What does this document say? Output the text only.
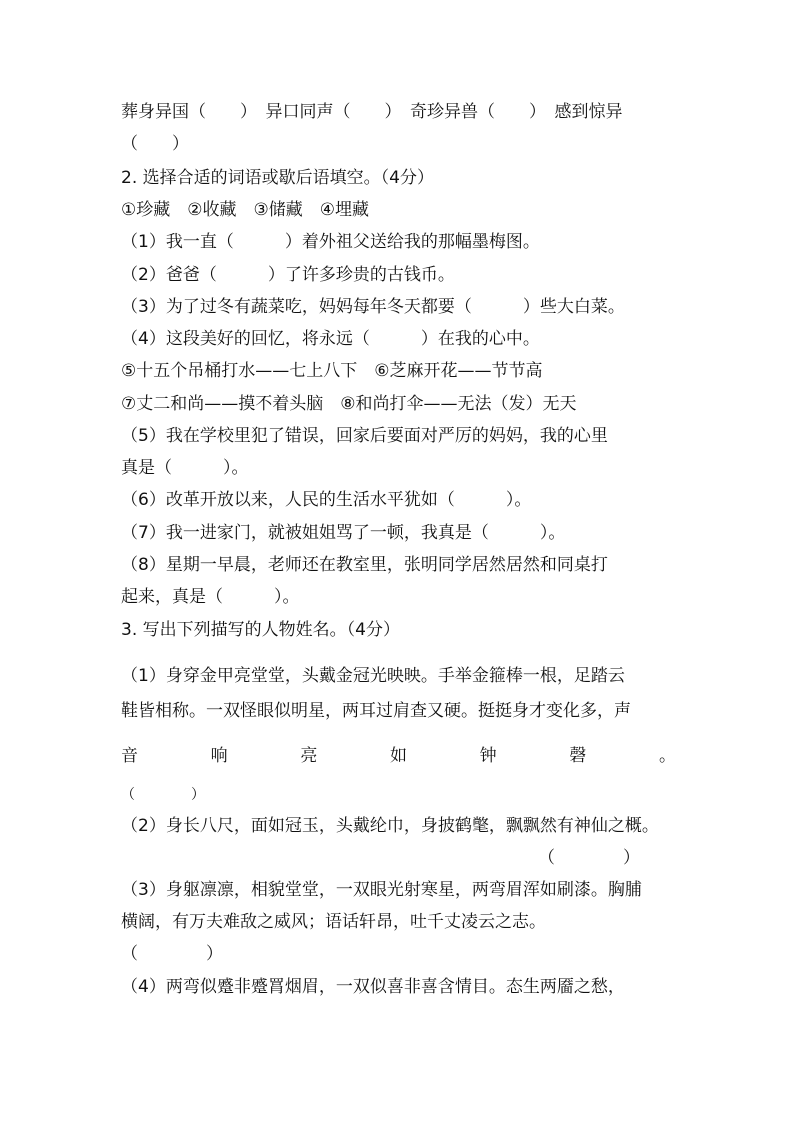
葬身异国（　　）　异口同声（　　）　奇珍异兽（　　）　感到惊异
（　　）
2. 选择合适的词语或歇后语填空。（4分）
①珍藏　②收藏　③储藏　④埋藏
（1）我一直（　　　）着外祖父送给我的那幅墨梅图。
（2）爸爸（　　　）了许多珍贵的古钱币。
（3）为了过冬有蔬菜吃，妈妈每年冬天都要（　　　）些大白菜。
（4）这段美好的回忆，将永远（　　　）在我的心中。
⑤十五个吊桶打水——七上八下　⑥芝麻开花——节节高
⑦丈二和尚——摸不着头脑　⑧和尚打伞——无法（发）无天
（5）我在学校里犯了错误，回家后要面对严厉的妈妈，我的心里
真是（　　　）。
（6）改革开放以来，人民的生活水平犹如（　　　）。
（7）我一进家门，就被姐姐骂了一顿，我真是（　　　）。
（8）星期一早晨，老师还在教室里，张明同学居然居然和同桌打
起来，真是（　　　）。
3. 写出下列描写的人物姓名。（4分）
（1）身穿金甲亮堂堂，头戴金冠光映映。手举金箍棒一根，足踏云
鞋皆相称。一双怪眼似明星，两耳过肩查又硬。挺挺身才变化多，声
音	响	亮	如	钟	磬	。
（　　　　）
（2）身长八尺，面如冠玉，头戴纶巾，身披鹤氅，飘飘然有神仙之概。
（　　　　）
（3）身躯凛凛，相貌堂堂，一双眼光射寒星，两弯眉浑如刷漆。胸脯
横阔，有万夫难敌之威风；语话轩昂，吐千丈凌云之志。
（　　　　）
（4）两弯似蹙非蹙罥烟眉，一双似喜非喜含情目。态生两靥之愁，
